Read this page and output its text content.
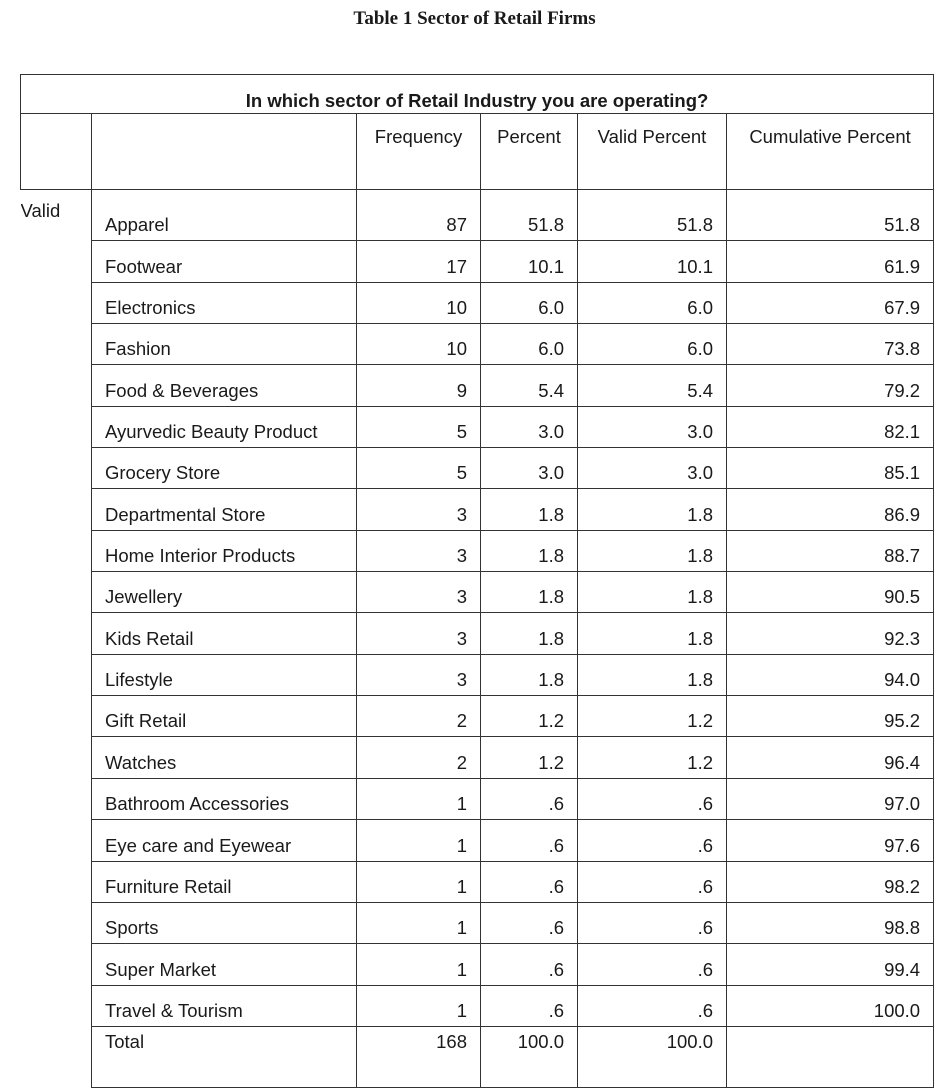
Table 1 Sector of Retail Firms
In which sector of Retail Industry you are operating?					
		Frequency	Percent	Valid Percent	Cumulative Percent
Valid	Apparel	87	51.8	51.8	51.8
	Footwear	17	10.1	10.1	61.9
	Electronics	10	6.0	6.0	67.9
	Fashion	10	6.0	6.0	73.8
	Food & Beverages	9	5.4	5.4	79.2
	Ayurvedic Beauty Product	5	3.0	3.0	82.1
	Grocery Store	5	3.0	3.0	85.1
	Departmental Store	3	1.8	1.8	86.9
	Home Interior Products	3	1.8	1.8	88.7
	Jewellery	3	1.8	1.8	90.5
	Kids Retail	3	1.8	1.8	92.3
	Lifestyle	3	1.8	1.8	94.0
	Gift Retail	2	1.2	1.2	95.2
	Watches	2	1.2	1.2	96.4
	Bathroom Accessories	1	.6	.6	97.0
	Eye care and Eyewear	1	.6	.6	97.6
	Furniture Retail	1	.6	.6	98.2
	Sports	1	.6	.6	98.8
	Super Market	1	.6	.6	99.4
	Travel & Tourism	1	.6	.6	100.0
	Total	168	100.0	100.0	
